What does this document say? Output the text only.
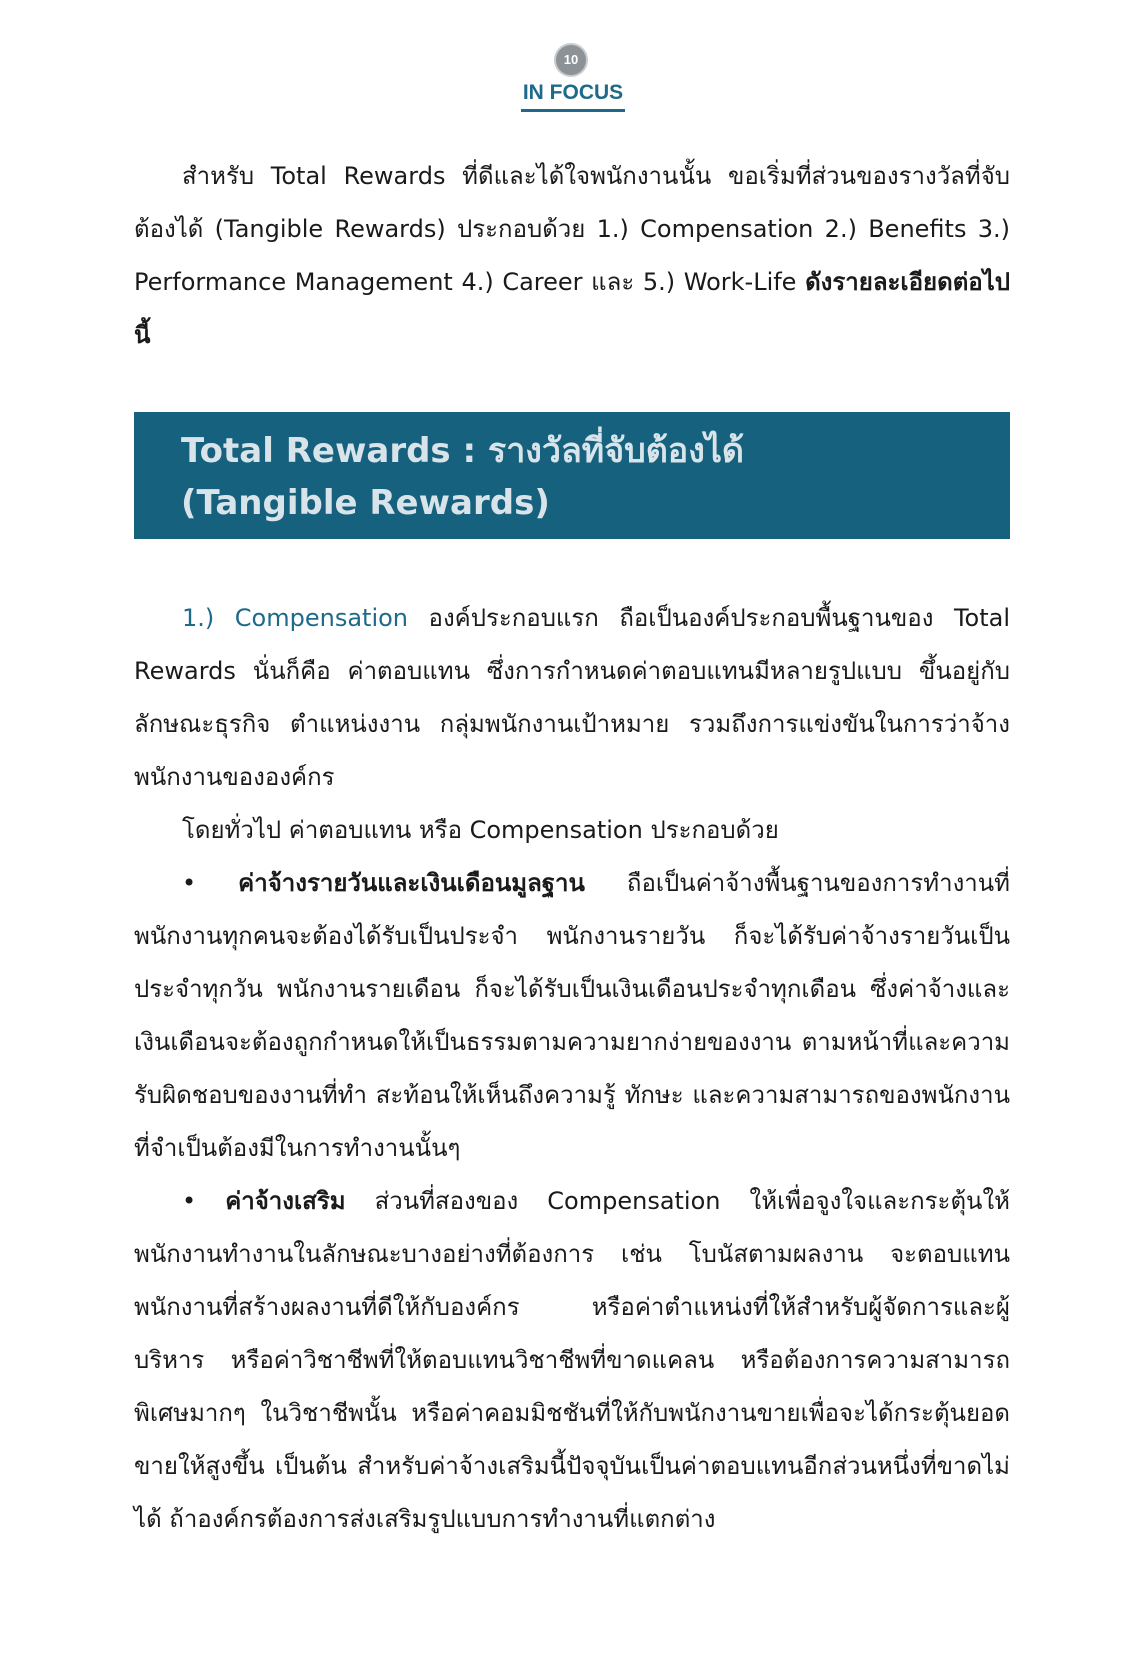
10
IN FOCUS

สำหรับ Total Rewards ที่ดีและได้ใจพนักงานนั้น ขอเริ่มที่ส่วนของรางวัลที่จับต้องได้ (Tangible Rewards) ประกอบด้วย 1.) Compensation 2.) Benefits 3.) Performance Management 4.) Career และ 5.) Work-Life ดังรายละเอียดต่อไปนี้

Total Rewards : รางวัลที่จับต้องได้
(Tangible Rewards)

1.) Compensation องค์ประกอบแรก ถือเป็นองค์ประกอบพื้นฐานของ Total Rewards นั่นก็คือ ค่าตอบแทน ซึ่งการกำหนดค่าตอบแทนมีหลายรูปแบบ ขึ้นอยู่กับลักษณะธุรกิจ ตำแหน่งงาน กลุ่มพนักงานเป้าหมาย รวมถึงการแข่งขันในการว่าจ้างพนักงานขององค์กร

โดยทั่วไป ค่าตอบแทน หรือ Compensation ประกอบด้วย

• ค่าจ้างรายวันและเงินเดือนมูลฐาน ถือเป็นค่าจ้างพื้นฐานของการทำงานที่พนักงานทุกคนจะต้องได้รับเป็นประจำ พนักงานรายวัน ก็จะได้รับค่าจ้างรายวันเป็นประจำทุกวัน พนักงานรายเดือน ก็จะได้รับเป็นเงินเดือนประจำทุกเดือน ซึ่งค่าจ้างและเงินเดือนจะต้องถูกกำหนดให้เป็นธรรมตามความยากง่ายของงาน ตามหน้าที่และความรับผิดชอบของงานที่ทำ สะท้อนให้เห็นถึงความรู้ ทักษะ และความสามารถของพนักงานที่จำเป็นต้องมีในการทำงานนั้นๆ

• ค่าจ้างเสริม ส่วนที่สองของ Compensation ให้เพื่อจูงใจและกระตุ้นให้พนักงานทำงานในลักษณะบางอย่างที่ต้องการ เช่น โบนัสตามผลงาน จะตอบแทนพนักงานที่สร้างผลงานที่ดีให้กับองค์กร หรือค่าตำแหน่งที่ให้สำหรับผู้จัดการและผู้บริหาร หรือค่าวิชาชีพที่ให้ตอบแทนวิชาชีพที่ขาดแคลน หรือต้องการความสามารถพิเศษมากๆ ในวิชาชีพนั้น หรือค่าคอมมิชชันที่ให้กับพนักงานขายเพื่อจะได้กระตุ้นยอดขายให้สูงขึ้น เป็นต้น สำหรับค่าจ้างเสริมนี้ปัจจุบันเป็นค่าตอบแทนอีกส่วนหนึ่งที่ขาดไม่ได้ ถ้าองค์กรต้องการส่งเสริมรูปแบบการทำงานที่แตกต่าง
